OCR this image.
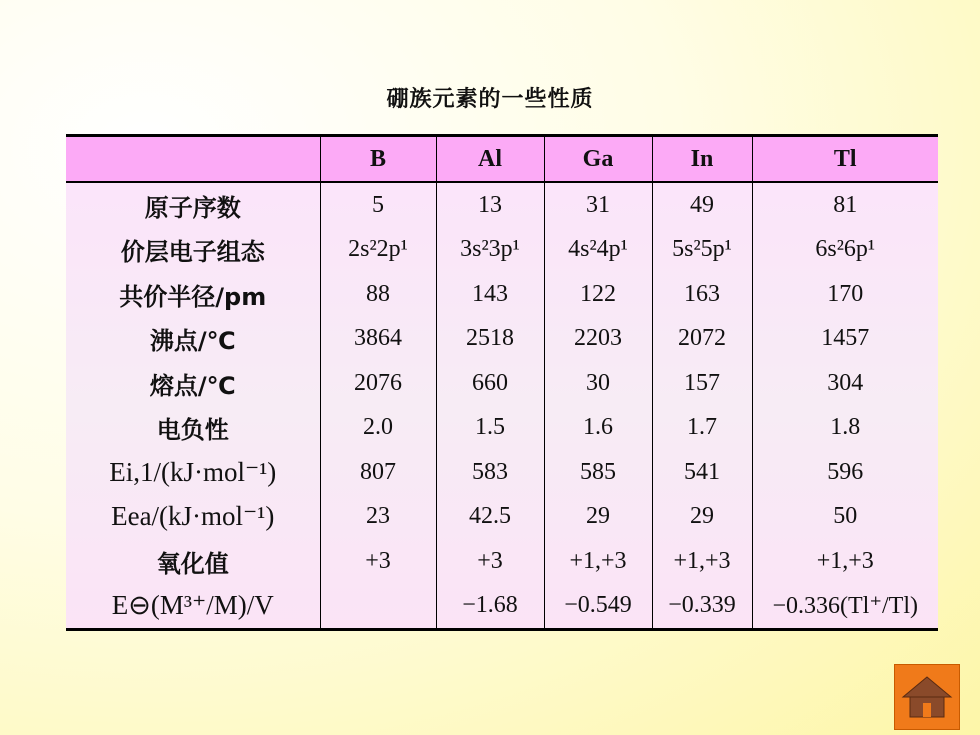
硼族元素的一些性质
	B	Al	Ga	In	Tl
原子序数	5	13	31	49	81
价层电子组态	2s²2p¹	3s²3p¹	4s²4p¹	5s²5p¹	6s²6p¹
共价半径/pm	88	143	122	163	170
沸点/℃	3864	2518	2203	2072	1457
熔点/℃	2076	660	30	157	304
电负性	2.0	1.5	1.6	1.7	1.8
Ei,1/(kJ·mol⁻¹)	807	583	585	541	596
Eea/(kJ·mol⁻¹)	23	42.5	29	29	50
氧化值	+3	+3	+1,+3	+1,+3	+1,+3
E⊖(M³⁺/M)/V		−1.68	−0.549	−0.339	−0.336(Tl⁺/Tl)
